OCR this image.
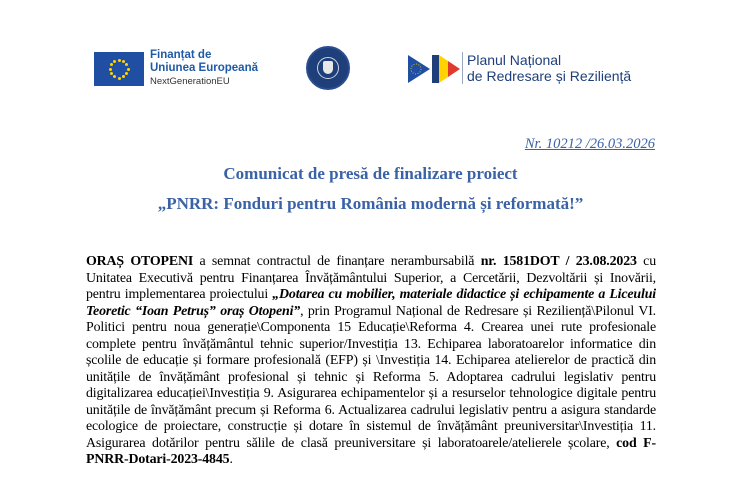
Finanțat de
Uniunea Europeană
NextGenerationEU
Planul Național
de Redresare și Reziliență
Nr. 10212 /26.03.2026
Comunicat de presă de finalizare proiect
„PNRR: Fonduri pentru România modernă și reformată!”
ORAȘ OTOPENI a semnat contractul de finanțare nerambursabilă nr. 1581DOT / 23.08.2023 cu Unitatea Executivă pentru Finanțarea Învățământului Superior, a Cercetării, Dezvoltării și Inovării, pentru implementarea proiectului „Dotarea cu mobilier, materiale didactice și echipamente a Liceului Teoretic “Ioan Petruș” oraș Otopeni”, prin Programul Național de Redresare și Reziliență\Pilonul VI. Politici pentru noua generație\Componenta 15 Educație\Reforma 4. Crearea unei rute profesionale complete pentru învățământul tehnic superior/Investiția 13. Echiparea laboratoarelor informatice din școlile de educație și formare profesională (EFP) și \Investiția 14. Echiparea atelierelor de practică din unitățile de învățământ profesional și tehnic și Reforma 5. Adoptarea cadrului legislativ pentru digitalizarea educației\Investiția 9. Asigurarea echipamentelor și a resurselor tehnologice digitale pentru unitățile de învățământ precum și Reforma 6. Actualizarea cadrului legislativ pentru a asigura standarde ecologice de proiectare, construcție și dotare în sistemul de învățământ preuniversitar\Investiția 11. Asigurarea dotărilor pentru sălile de clasă preuniversitare și laboratoarele/atelierele școlare, cod F-PNRR-Dotari-2023-4845.
